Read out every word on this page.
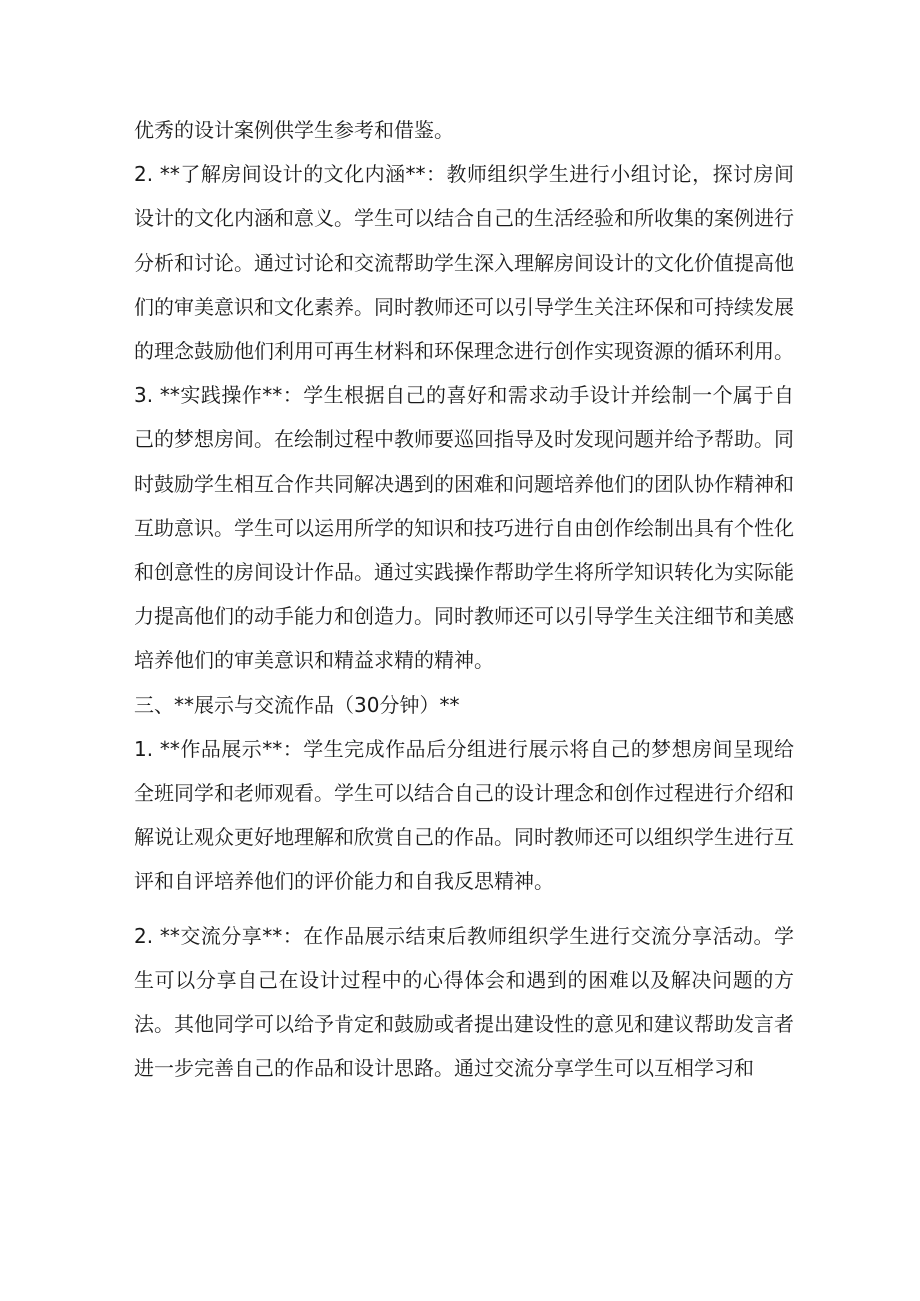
优秀的设计案例供学生参考和借鉴。

2. **了解房间设计的文化内涵**：教师组织学生进行小组讨论，探讨房间设计的文化内涵和意义。学生可以结合自己的生活经验和所收集的案例进行分析和讨论。通过讨论和交流帮助学生深入理解房间设计的文化价值提高他们的审美意识和文化素养。同时教师还可以引导学生关注环保和可持续发展的理念鼓励他们利用可再生材料和环保理念进行创作实现资源的循环利用。

3. **实践操作**：学生根据自己的喜好和需求动手设计并绘制一个属于自己的梦想房间。在绘制过程中教师要巡回指导及时发现问题并给予帮助。同时鼓励学生相互合作共同解决遇到的困难和问题培养他们的团队协作精神和互助意识。学生可以运用所学的知识和技巧进行自由创作绘制出具有个性化和创意性的房间设计作品。通过实践操作帮助学生将所学知识转化为实际能力提高他们的动手能力和创造力。同时教师还可以引导学生关注细节和美感培养他们的审美意识和精益求精的精神。

三、**展示与交流作品（30分钟）**

1. **作品展示**：学生完成作品后分组进行展示将自己的梦想房间呈现给全班同学和老师观看。学生可以结合自己的设计理念和创作过程进行介绍和解说让观众更好地理解和欣赏自己的作品。同时教师还可以组织学生进行互评和自评培养他们的评价能力和自我反思精神。

2. **交流分享**：在作品展示结束后教师组织学生进行交流分享活动。学生可以分享自己在设计过程中的心得体会和遇到的困难以及解决问题的方法。其他同学可以给予肯定和鼓励或者提出建设性的意见和建议帮助发言者进一步完善自己的作品和设计思路。通过交流分享学生可以互相学习和
